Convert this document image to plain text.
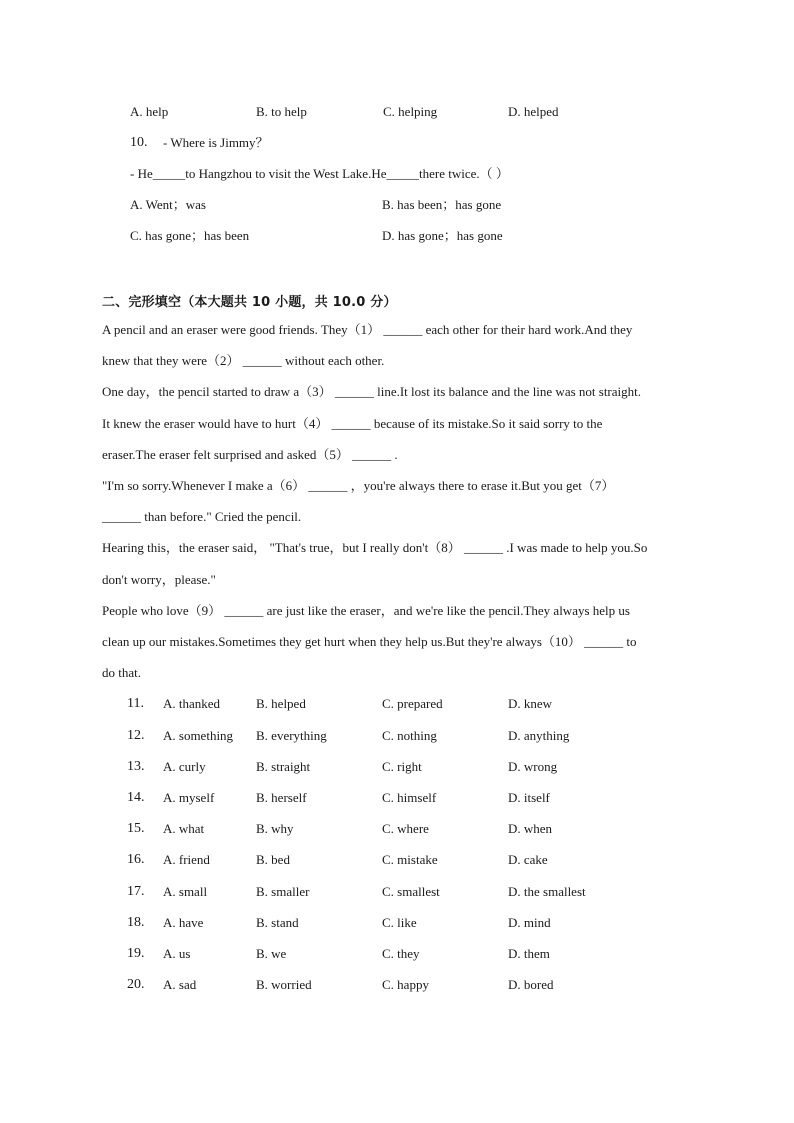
A. help	B. to help	C. helping	D. helped
10. - Where is Jimmy？
- He_____to Hangzhou to visit the West Lake.He_____there twice.（ ）
A. Went；was	B. has been；has gone
C. has gone；has been	D. has gone；has gone
二、完形填空（本大题共 10 小题，共 10.0 分）
A pencil and an eraser were good friends. They（1） ______ each other for their hard work.And they
knew that they were（2） ______ without each other.
One day，the pencil started to draw a（3） ______ line.It lost its balance and the line was not straight.
It knew the eraser would have to hurt（4） ______ because of its mistake.So it said sorry to the
eraser.The eraser felt surprised and asked（5） ______ .
"I'm so sorry.Whenever I make a（6） ______ ，you're always there to erase it.But you get（7）
______ than before." Cried the pencil.
Hearing this，the eraser said， "That's true，but I really don't（8） ______ .I was made to help you.So
don't worry，please."
People who love（9） ______ are just like the eraser，and we're like the pencil.They always help us
clean up our mistakes.Sometimes they get hurt when they help us.But they're always（10） ______ to
do that.
11. A. thanked	B. helped	C. prepared	D. knew
12. A. something B. everything	C. nothing	D. anything
13. A. curly	B. straight	C. right	D. wrong
14. A. myself	B. herself	C. himself	D. itself
15. A. what	B. why	C. where	D. when
16. A. friend	B. bed	C. mistake	D. cake
17. A. small	B. smaller	C. smallest	D. the smallest
18. A. have	B. stand	C. like	D. mind
19. A. us	B. we	C. they	D. them
20. A. sad	B. worried	C. happy	D. bored
